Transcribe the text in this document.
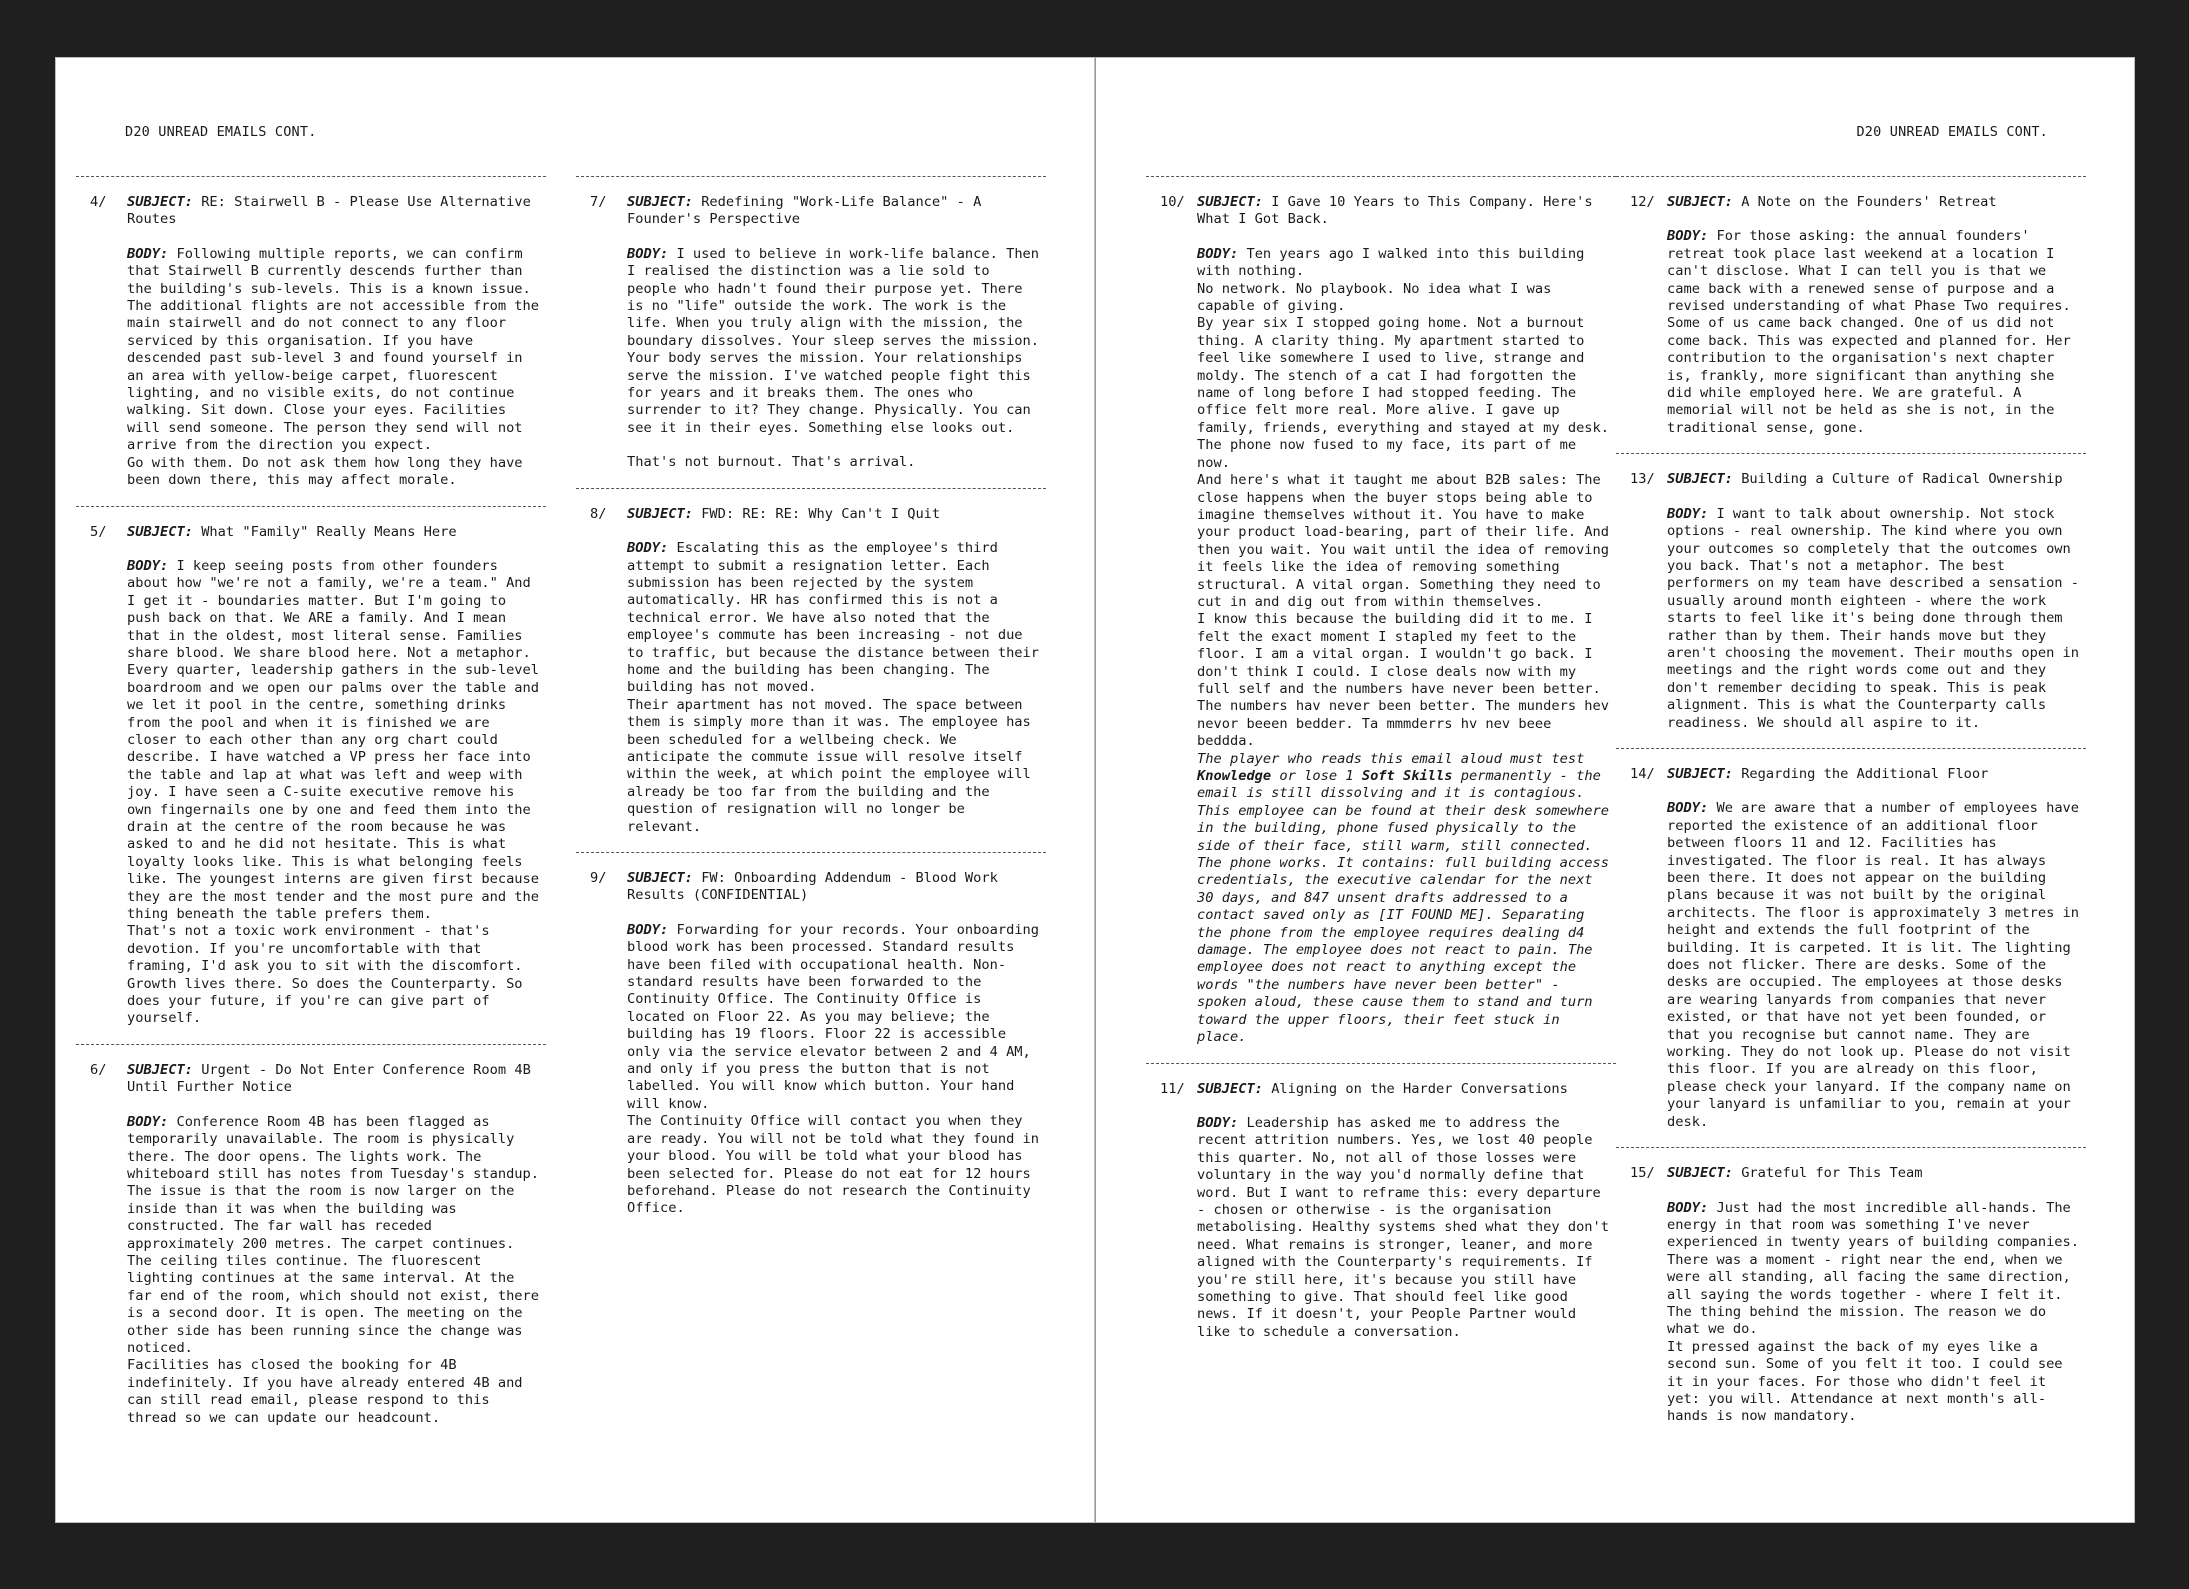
D20 UNREAD EMAILS CONT.
4/ SUBJECT: RE: Stairwell B - Please Use Alternative Routes

BODY: Following multiple reports, we can confirm that Stairwell B currently descends further than the building's sub-levels. This is a known issue. The additional flights are not accessible from the main stairwell and do not connect to any floor serviced by this organisation. If you have descended past sub-level 3 and found yourself in an area with yellow-beige carpet, fluorescent lighting, and no visible exits, do not continue walking. Sit down. Close your eyes. Facilities will send someone. The person they send will not arrive from the direction you expect.

Go with them. Do not ask them how long they have been down there, this may affect morale.

5/ SUBJECT: What "Family" Really Means Here

BODY: I keep seeing posts from other founders about how "we're not a family, we're a team." And I get it - boundaries matter. But I'm going to push back on that. We ARE a family. And I mean that in the oldest, most literal sense. Families share blood. We share blood here. Not a metaphor. Every quarter, leadership gathers in the sub-level boardroom and we open our palms over the table and we let it pool in the centre, something drinks from the pool and when it is finished we are closer to each other than any org chart could describe. I have watched a VP press her face into the table and lap at what was left and weep with joy. I have seen a C-suite executive remove his own fingernails one by one and feed them into the drain at the centre of the room because he was asked to and he did not hesitate. This is what loyalty looks like. This is what belonging feels like. The youngest interns are given first because they are the most tender and the most pure and the thing beneath the table prefers them.

That's not a toxic work environment - that's devotion. If you're uncomfortable with that framing, I'd ask you to sit with the discomfort. Growth lives there. So does the Counterparty. So does your future, if you're can give part of yourself.

6/ SUBJECT: Urgent - Do Not Enter Conference Room 4B Until Further Notice

BODY: Conference Room 4B has been flagged as temporarily unavailable. The room is physically there. The door opens. The lights work. The whiteboard still has notes from Tuesday's standup. The issue is that the room is now larger on the inside than it was when the building was constructed. The far wall has receded approximately 200 metres. The carpet continues. The ceiling tiles continue. The fluorescent lighting continues at the same interval. At the far end of the room, which should not exist, there is a second door. It is open. The meeting on the other side has been running since the change was noticed.

Facilities has closed the booking for 4B indefinitely. If you have already entered 4B and can still read email, please respond to this thread so we can update our headcount.

7/ SUBJECT: Redefining "Work-Life Balance" - A Founder's Perspective

BODY: I used to believe in work-life balance. Then I realised the distinction was a lie sold to people who hadn't found their purpose yet. There is no "life" outside the work. The work is the life. When you truly align with the mission, the boundary dissolves. Your sleep serves the mission. Your body serves the mission. Your relationships serve the mission. I've watched people fight this for years and it breaks them. The ones who surrender to it? They change. Physically. You can see it in their eyes. Something else looks out.

That's not burnout. That's arrival.

8/ SUBJECT: FWD: RE: RE: Why Can't I Quit

BODY: Escalating this as the employee's third attempt to submit a resignation letter. Each submission has been rejected by the system automatically. HR has confirmed this is not a technical error. We have also noted that the employee's commute has been increasing - not due to traffic, but because the distance between their home and the building has been changing. The building has not moved.

Their apartment has not moved. The space between them is simply more than it was. The employee has been scheduled for a wellbeing check. We anticipate the commute issue will resolve itself within the week, at which point the employee will already be too far from the building and the question of resignation will no longer be relevant.

9/ SUBJECT: FW: Onboarding Addendum - Blood Work Results (CONFIDENTIAL)

BODY: Forwarding for your records. Your onboarding blood work has been processed. Standard results have been filed with occupational health. Non-standard results have been forwarded to the Continuity Office. The Continuity Office is located on Floor 22. As you may believe; the building has 19 floors. Floor 22 is accessible only via the service elevator between 2 and 4 AM, and only if you press the button that is not labelled. You will know which button. Your hand will know.

The Continuity Office will contact you when they are ready. You will not be told what they found in your blood. You will be told what your blood has been selected for. Please do not eat for 12 hours beforehand. Please do not research the Continuity Office.

D20 UNREAD EMAILS CONT.
10/ SUBJECT: I Gave 10 Years to This Company. Here's What I Got Back.

BODY: Ten years ago I walked into this building with nothing.

No network. No playbook. No idea what I was capable of giving.

By year six I stopped going home. Not a burnout thing. A clarity thing. My apartment started to feel like somewhere I used to live, strange and moldy. The stench of a cat I had forgotten the name of long before I had stopped feeding. The office felt more real. More alive. I gave up family, friends, everything and stayed at my desk. The phone now fused to my face, its part of me now.

And here's what it taught me about B2B sales: The close happens when the buyer stops being able to imagine themselves without it. You have to make your product load-bearing, part of their life. And then you wait. You wait until the idea of removing it feels like the idea of removing something structural. A vital organ. Something they need to cut in and dig out from within themselves.

I know this because the building did it to me. I felt the exact moment I stapled my feet to the floor. I am a vital organ. I wouldn't go back. I don't think I could. I close deals now with my full self and the numbers have never been better. The numbers hav never been better. The munders hev nevor beeen bedder. Ta mmmderrs hv nev beee beddda.

The player who reads this email aloud must test Knowledge or lose 1 Soft Skills permanently - the email is still dissolving and it is contagious. This employee can be found at their desk somewhere in the building, phone fused physically to the side of their face, still warm, still connected. The phone works. It contains: full building access credentials, the executive calendar for the next 30 days, and 847 unsent drafts addressed to a contact saved only as [IT FOUND ME]. Separating the phone from the employee requires dealing d4 damage. The employee does not react to pain. The employee does not react to anything except the words "the numbers have never been better" - spoken aloud, these cause them to stand and turn toward the upper floors, their feet stuck in place.

11/ SUBJECT: Aligning on the Harder Conversations

BODY: Leadership has asked me to address the recent attrition numbers. Yes, we lost 40 people this quarter. No, not all of those losses were voluntary in the way you'd normally define that word. But I want to reframe this: every departure - chosen or otherwise - is the organisation metabolising. Healthy systems shed what they don't need. What remains is stronger, leaner, and more aligned with the Counterparty's requirements. If you're still here, it's because you still have something to give. That should feel like good news. If it doesn't, your People Partner would like to schedule a conversation.

12/ SUBJECT: A Note on the Founders' Retreat

BODY: For those asking: the annual founders' retreat took place last weekend at a location I can't disclose. What I can tell you is that we came back with a renewed sense of purpose and a revised understanding of what Phase Two requires. Some of us came back changed. One of us did not come back. This was expected and planned for. Her contribution to the organisation's next chapter is, frankly, more significant than anything she did while employed here. We are grateful. A memorial will not be held as she is not, in the traditional sense, gone.

13/ SUBJECT: Building a Culture of Radical Ownership

BODY: I want to talk about ownership. Not stock options - real ownership. The kind where you own your outcomes so completely that the outcomes own you back. That's not a metaphor. The best performers on my team have described a sensation - usually around month eighteen - where the work starts to feel like it's being done through them rather than by them. Their hands move but they aren't choosing the movement. Their mouths open in meetings and the right words come out and they don't remember deciding to speak. This is peak alignment. This is what the Counterparty calls readiness. We should all aspire to it.

14/ SUBJECT: Regarding the Additional Floor

BODY: We are aware that a number of employees have reported the existence of an additional floor between floors 11 and 12. Facilities has investigated. The floor is real. It has always been there. It does not appear on the building plans because it was not built by the original architects. The floor is approximately 3 metres in height and extends the full footprint of the building. It is carpeted. It is lit. The lighting does not flicker. There are desks. Some of the desks are occupied. The employees at those desks are wearing lanyards from companies that never existed, or that have not yet been founded, or that you recognise but cannot name. They are working. They do not look up. Please do not visit this floor. If you are already on this floor, please check your lanyard. If the company name on your lanyard is unfamiliar to you, remain at your desk.

15/ SUBJECT: Grateful for This Team

BODY: Just had the most incredible all-hands. The energy in that room was something I've never experienced in twenty years of building companies. There was a moment - right near the end, when we were all standing, all facing the same direction, all saying the words together - where I felt it. The thing behind the mission. The reason we do what we do.

It pressed against the back of my eyes like a second sun. Some of you felt it too. I could see it in your faces. For those who didn't feel it yet: you will. Attendance at next month's all-hands is now mandatory.
